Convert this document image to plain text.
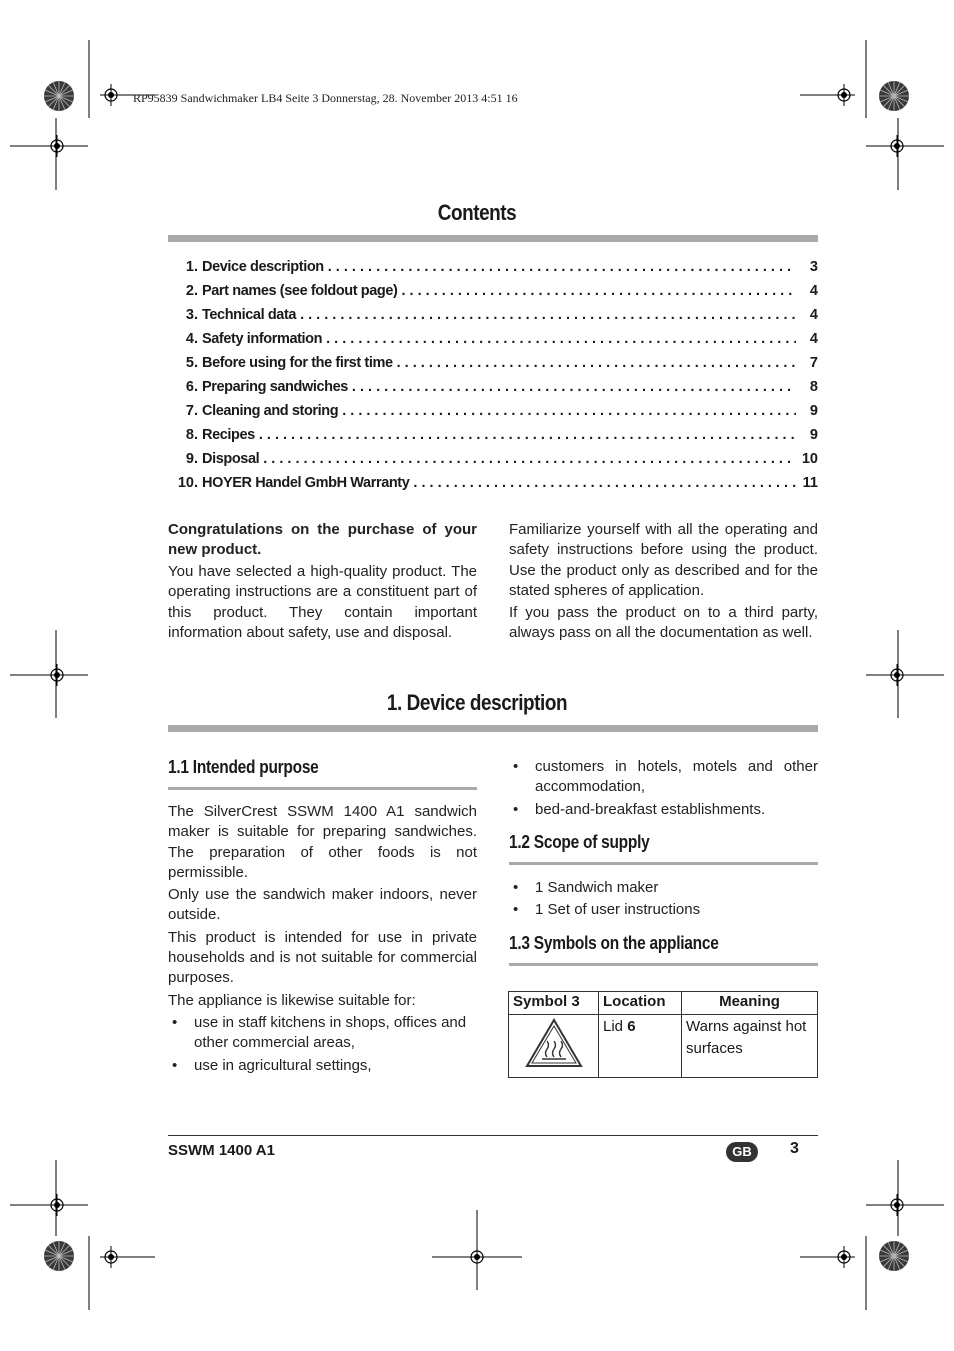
RP95839 Sandwichmaker LB4 Seite 3 Donnerstag, 28. November 2013 4:51 16
Contents
1. Device description . . .	3
2. Part names (see foldout page) . . .	4
3. Technical data . . .	4
4. Safety information . . .	4
5. Before using for the first time . . .	7
6. Preparing sandwiches . . .	8
7. Cleaning and storing . . .	9
8. Recipes . . .	9
9. Disposal . . .	10
10. HOYER Handel GmbH Warranty . . .	11

Congratulations on the purchase of your new product.

You have selected a high-quality product. The operating instructions are a constituent part of this product. They contain important information about safety, use and disposal.

Familiarize yourself with all the operating and safety instructions before using the product. Use the product only as described and for the stated spheres of application.

If you pass the product on to a third party, always pass on all the documentation as well.

1. Device description
1.1 Intended purpose

The SilverCrest SSWM 1400 A1 sandwich maker is suitable for preparing sandwiches. The preparation of other foods is not permissible.

Only use the sandwich maker indoors, never outside.

This product is intended for use in private households and is not suitable for commercial purposes.

The appliance is likewise suitable for:

• use in staff kitchens in shops, offices and other commercial areas,
• use in agricultural settings,
• customers in hotels, motels and other accommodation,
• bed-and-breakfast establishments.
1.2 Scope of supply
• 1 Sandwich maker
• 1 Set of user instructions
1.3 Symbols on the appliance
Symbol 3	Location	Meaning
	Lid 6	Warns against hot surfaces
SSWM 1400 A1	GB	3
